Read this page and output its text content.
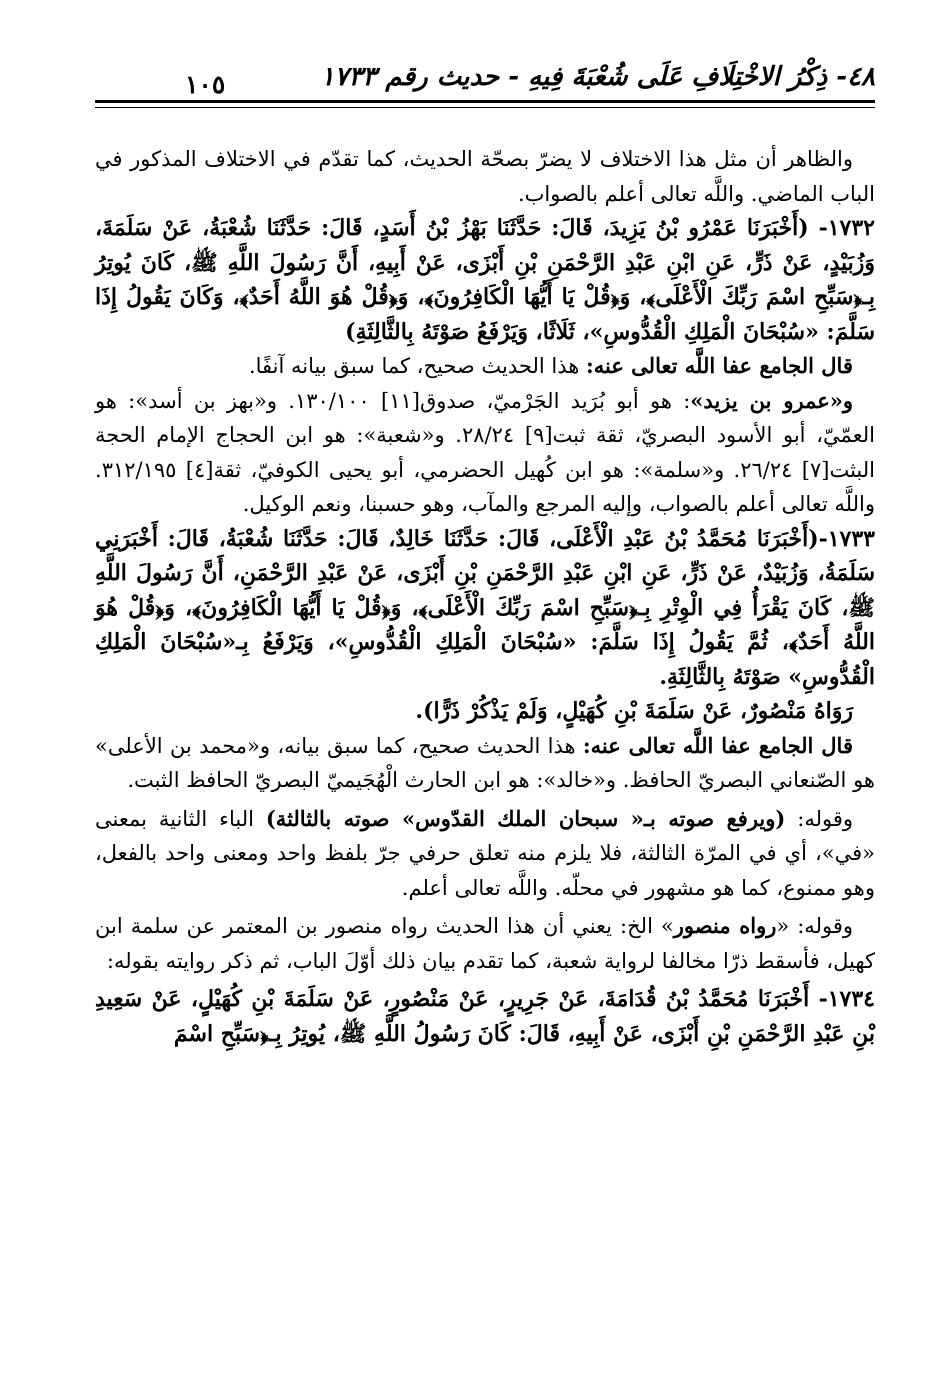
٤٨- ذِكْرُ الاخْتِلَافِ عَلَى شُعْبَةَ فِيهِ - حديث رقم ١٧٣٣
١٠٥

والظاهر أن مثل هذا الاختلاف لا يضرّ بصحّة الحديث، كما تقدّم في الاختلاف المذكور في الباب الماضي. واللَّه تعالى أعلم بالصواب.

١٧٣٢- (أَخْبَرَنَا عَمْرُو بْنُ يَزِيدَ، قَالَ: حَدَّثَنَا بَهْزُ بْنُ أَسَدٍ، قَالَ: حَدَّثَنَا شُعْبَةُ، عَنْ سَلَمَةَ، وَزُبَيْدٍ، عَنْ ذَرٍّ، عَنِ ابْنِ عَبْدِ الرَّحْمَنِ بْنِ أَبْزَى، عَنْ أَبِيهِ، أَنَّ رَسُولَ اللَّهِ ﷺ، كَانَ يُوتِرُ بِـ﴿سَبِّحِ اسْمَ رَبِّكَ الْأَعْلَى﴾، وَ﴿قُلْ يَا أَيُّهَا الْكَافِرُونَ﴾، وَ﴿قُلْ هُوَ اللَّهُ أَحَدٌ﴾، وَكَانَ يَقُولُ إِذَا سَلَّمَ: «سُبْحَانَ الْمَلِكِ الْقُدُّوسِ»، ثَلَاثًا، وَيَرْفَعُ صَوْتَهُ بِالثَّالِثَةِ)

قال الجامع عفا اللَّه تعالى عنه: هذا الحديث صحيح، كما سبق بيانه آنفًا.

و«عمرو بن يزيد»: هو أبو بُرَيد الجَرْميّ، صدوق[١١] ١٣٠/١٠٠. و«بهز بن أسد»: هو العمّيّ، أبو الأسود البصريّ، ثقة ثبت[٩] ٢٨/٢٤. و«شعبة»: هو ابن الحجاج الإمام الحجة البثت[٧] ٢٦/٢٤. و«سلمة»: هو ابن كُهيل الحضرمي، أبو يحيى الكوفيّ، ثقة[٤] ٣١٢/١٩٥. واللَّه تعالى أعلم بالصواب، وإليه المرجع والمآب، وهو حسبنا، ونعم الوكيل.

١٧٣٣-(أَخْبَرَنَا مُحَمَّدُ بْنُ عَبْدِ الْأَعْلَى، قَالَ: حَدَّثَنَا خَالِدٌ، قَالَ: حَدَّثَنَا شُعْبَةُ، قَالَ: أَخْبَرَنِي سَلَمَةُ، وَزُبَيْدٌ، عَنْ ذَرٍّ، عَنِ ابْنِ عَبْدِ الرَّحْمَنِ بْنِ أَبْزَى، عَنْ عَبْدِ الرَّحْمَنِ، أَنَّ رَسُولَ اللَّهِ ﷺ، كَانَ يَقْرَأُ فِي الْوِتْرِ بِـ﴿سَبِّحِ اسْمَ رَبِّكَ الْأَعْلَى﴾، وَ﴿قُلْ يَا أَيُّهَا الْكَافِرُونَ﴾، وَ﴿قُلْ هُوَ اللَّهُ أَحَدٌ﴾، ثُمَّ يَقُولُ إِذَا سَلَّمَ: «سُبْحَانَ الْمَلِكِ الْقُدُّوسِ»، وَيَرْفَعُ بِـ«سُبْحَانَ الْمَلِكِ الْقُدُّوسِ» صَوْتَهُ بِالثَّالِثَةِ.

رَوَاهُ مَنْصُورٌ، عَنْ سَلَمَةَ بْنِ كُهَيْلٍ، وَلَمْ يَذْكُرْ ذَرًّا).

قال الجامع عفا اللَّه تعالى عنه: هذا الحديث صحيح، كما سبق بيانه، و«محمد بن الأعلى» هو الصّنعاني البصريّ الحافظ. و«خالد»: هو ابن الحارث الْهُجَيميّ البصريّ الحافظ الثبت.

وقوله: (ويرفع صوته بـ« سبحان الملك القدّوس» صوته بالثالثة) الباء الثانية بمعنى «في»، أي في المرّة الثالثة، فلا يلزم منه تعلق حرفي جرّ بلفظ واحد ومعنى واحد بالفعل، وهو ممنوع، كما هو مشهور في محلّه. واللَّه تعالى أعلم.

وقوله: «رواه منصور» الخ: يعني أن هذا الحديث رواه منصور بن المعتمر عن سلمة ابن كهيل، فأسقط ذرّا مخالفا لرواية شعبة، كما تقدم بيان ذلك أوّلَ الباب، ثم ذكر روايته بقوله:

١٧٣٤- أَخْبَرَنَا مُحَمَّدُ بْنُ قُدَامَةَ، عَنْ جَرِيرٍ، عَنْ مَنْصُورٍ، عَنْ سَلَمَةَ بْنِ كُهَيْلٍ، عَنْ سَعِيدِ بْنِ عَبْدِ الرَّحْمَنِ بْنِ أَبْزَى، عَنْ أَبِيهِ، قَالَ: كَانَ رَسُولُ اللَّهِ ﷺ، يُوتِرُ بِـ﴿سَبِّحِ اسْمَ
